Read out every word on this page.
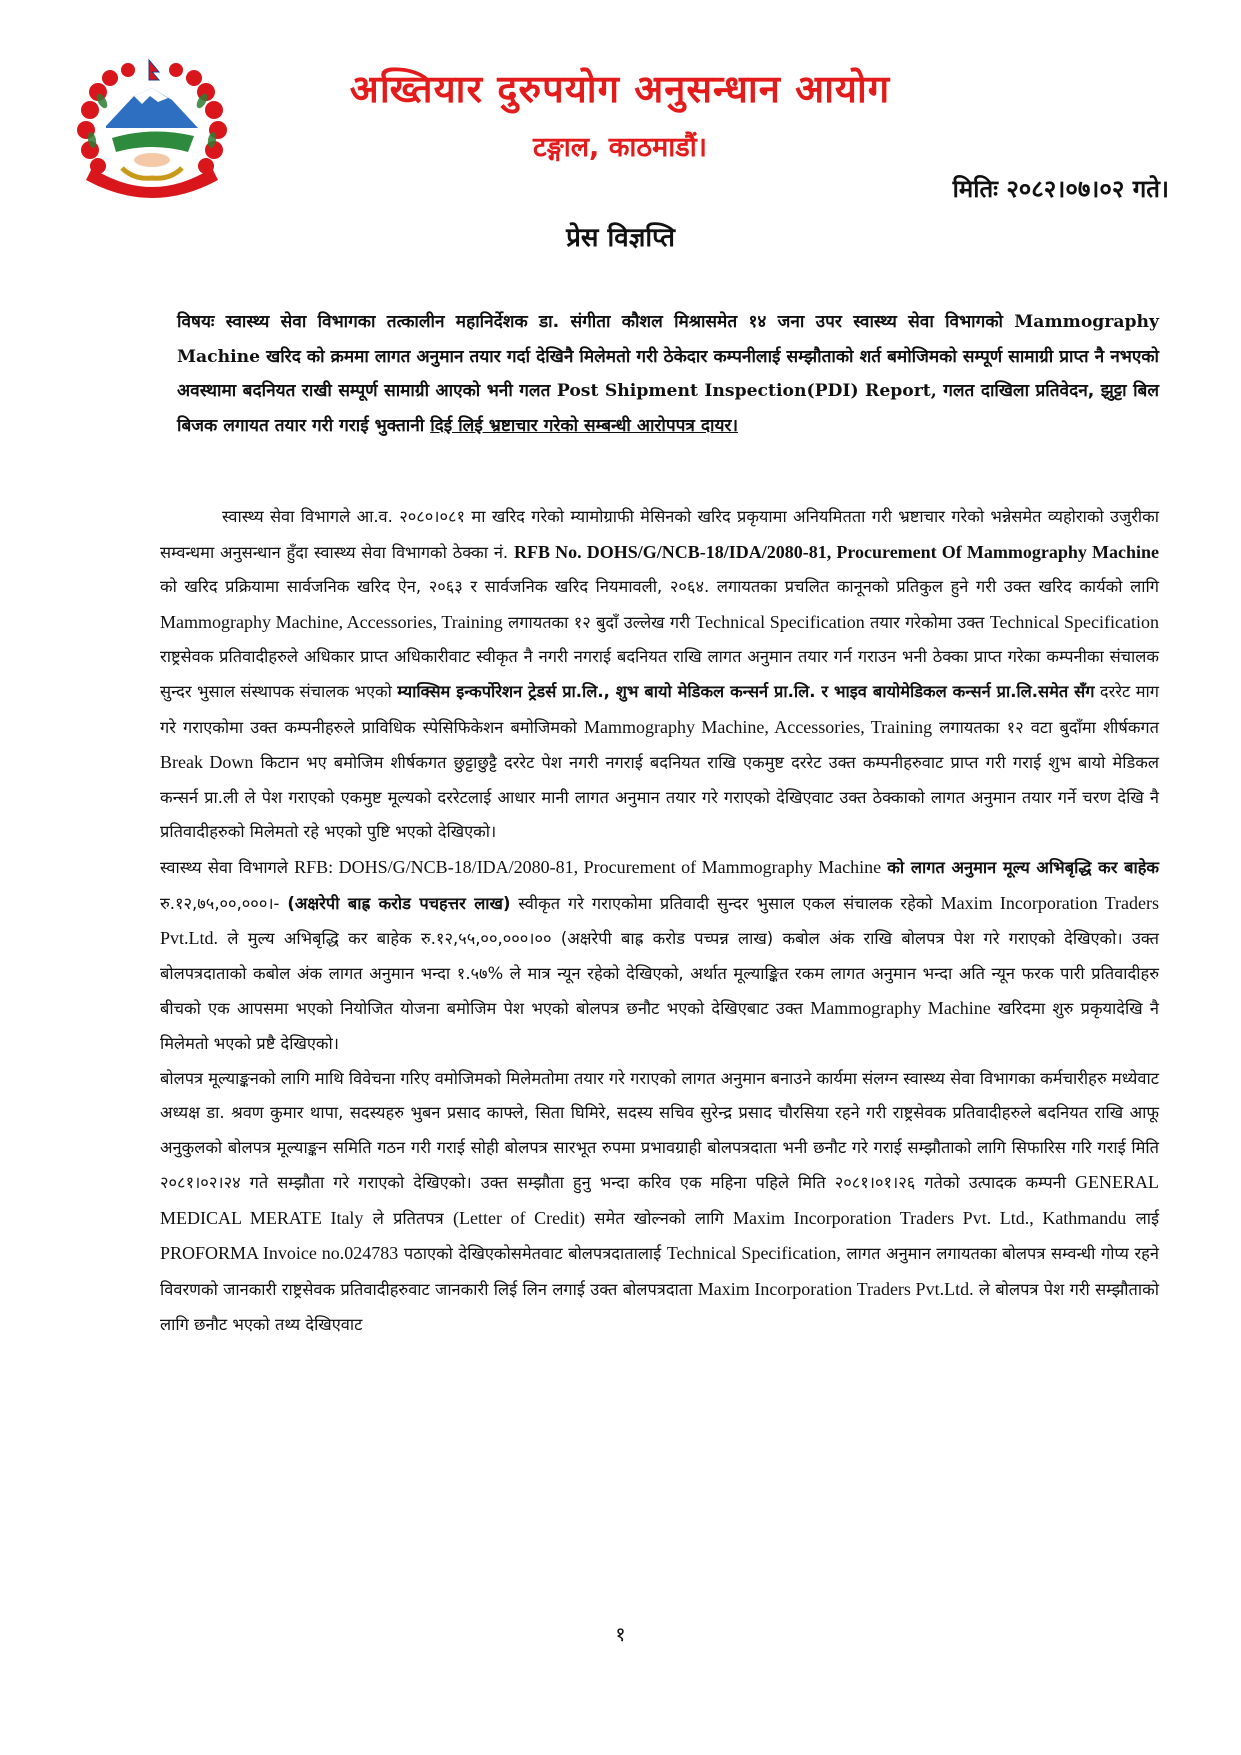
अख्तियार दुरुपयोग अनुसन्धान आयोग
टङ्गाल, काठमाडौं।
मितिः २०८२।०७।०२ गते।
प्रेस विज्ञप्ति
विषयः स्वास्थ्य सेवा विभागका तत्कालीन महानिर्देशक डा. संगीता कौशल मिश्रासमेत १४ जना उपर स्वास्थ्य सेवा विभागको Mammography Machine खरिद को क्रममा लागत अनुमान तयार गर्दा देखिनै मिलेमतो गरी ठेकेदार कम्पनीलाई सम्झौताको शर्त बमोजिमको सम्पूर्ण सामाग्री प्राप्त नै नभएको अवस्थामा बदनियत राखी सम्पूर्ण सामाग्री आएको भनी गलत Post Shipment Inspection(PDI) Report, गलत दाखिला प्रतिवेदन, झुट्टा बिल बिजक लगायत तयार गरी गराई भुक्तानी दिई लिई भ्रष्टाचार गरेको सम्बन्धी आरोपपत्र दायर।

स्वास्थ्य सेवा विभागले आ.व. २०८०।०८१ मा खरिद गरेको म्यामोग्राफी मेसिनको खरिद प्रकृयामा अनियमितता गरी भ्रष्टाचार गरेको भन्नेसमेत व्यहोराको उजुरीका सम्वन्धमा अनुसन्धान हुँदा स्वास्थ्य सेवा विभागको ठेक्का नं. RFB No. DOHS/G/NCB-18/IDA/2080-81, Procurement Of Mammography Machine को खरिद प्रक्रियामा सार्वजनिक खरिद ऐन, २०६३ र सार्वजनिक खरिद नियमावली, २०६४. लगायतका प्रचलित कानूनको प्रतिकुल हुने गरी उक्त खरिद कार्यको लागि Mammography Machine, Accessories, Training लगायतका १२ बुदाँ उल्लेख गरी Technical Specification तयार गरेकोमा उक्त Technical Specification राष्ट्रसेवक प्रतिवादीहरुले अधिकार प्राप्त अधिकारीवाट स्वीकृत नै नगरी नगराई बदनियत राखि लागत अनुमान तयार गर्न गराउन भनी ठेक्का प्राप्त गरेका कम्पनीका संचालक सुन्दर भुसाल संस्थापक संचालक भएको म्याक्सिम इन्कर्पोरेशन ट्रेडर्स प्रा.लि., शुभ बायो मेडिकल कन्सर्न प्रा.लि. र भाइव बायोमेडिकल कन्सर्न प्रा.लि.समेत सँग दररेट माग गरे गराएकोमा उक्त कम्पनीहरुले प्राविधिक स्पेसिफिकेशन बमोजिमको Mammography Machine, Accessories, Training लगायतका १२ वटा बुदाँमा शीर्षकगत Break Down किटान भए बमोजिम शीर्षकगत छुट्टाछुट्टै दररेट पेश नगरी नगराई बदनियत राखि एकमुष्ट दररेट उक्त कम्पनीहरुवाट प्राप्त गरी गराई शुभ बायो मेडिकल कन्सर्न प्रा.ली ले पेश गराएको एकमुष्ट मूल्यको दररेटलाई आधार मानी लागत अनुमान तयार गरे गराएको देखिएवाट उक्त ठेक्काको लागत अनुमान तयार गर्ने चरण देखि नै प्रतिवादीहरुको मिलेमतो रहे भएको पुष्टि भएको देखिएको।

स्वास्थ्य सेवा विभागले RFB: DOHS/G/NCB-18/IDA/2080-81, Procurement of Mammography Machine को लागत अनुमान मूल्य अभिबृद्धि कर बाहेक रु.१२,७५,००,०००।- (अक्षरेपी बाह्र करोड पचहत्तर लाख) स्वीकृत गरे गराएकोमा प्रतिवादी सुन्दर भुसाल एकल संचालक रहेको Maxim Incorporation Traders Pvt.Ltd. ले मुल्य अभिबृद्धि कर बाहेक रु.१२,५५,००,०००।०० (अक्षरेपी बाह्र करोड पच्पन्न लाख) कबोल अंक राखि बोलपत्र पेश गरे गराएको देखिएको। उक्त बोलपत्रदाताको कबोल अंक लागत अनुमान भन्दा १.५७% ले मात्र न्यून रहेको देखिएको, अर्थात मूल्याङ्कित रकम लागत अनुमान भन्दा अति न्यून फरक पारी प्रतिवादीहरु बीचको एक आपसमा भएको नियोजित योजना बमोजिम पेश भएको बोलपत्र छनौट भएको देखिएबाट उक्त Mammography Machine खरिदमा शुरु प्रकृयादेखि नै मिलेमतो भएको प्रष्टै देखिएको।

बोलपत्र मूल्याङ्कनको लागि माथि विवेचना गरिए वमोजिमको मिलेमतोमा तयार गरे गराएको लागत अनुमान बनाउने कार्यमा संलग्न स्वास्थ्य सेवा विभागका कर्मचारीहरु मध्येवाट अध्यक्ष डा. श्रवण कुमार थापा, सदस्यहरु भुबन प्रसाद काफ्ले, सिता घिमिरे, सदस्य सचिव सुरेन्द्र प्रसाद चौरसिया रहने गरी राष्ट्रसेवक प्रतिवादीहरुले बदनियत राखि आफू अनुकुलको बोलपत्र मूल्याङ्कन समिति गठन गरी गराई सोही बोलपत्र सारभूत रुपमा प्रभावग्राही बोलपत्रदाता भनी छनौट गरे गराई सम्झौताको लागि सिफारिस गरि गराई मिति २०८१।०२।२४ गते सम्झौता गरे गराएको देखिएको। उक्त सम्झौता हुनु भन्दा करिव एक महिना पहिले मिति २०८१।०१।२६ गतेको उत्पादक कम्पनी GENERAL MEDICAL MERATE Italy ले प्रतितपत्र (Letter of Credit) समेत खोल्नको लागि Maxim Incorporation Traders Pvt. Ltd., Kathmandu लाई PROFORMA Invoice no.024783 पठाएको देखिएकोसमेतवाट बोलपत्रदातालाई Technical Specification, लागत अनुमान लगायतका बोलपत्र सम्वन्धी गोप्य रहने विवरणको जानकारी राष्ट्रसेवक प्रतिवादीहरुवाट जानकारी लिई लिन लगाई उक्त बोलपत्रदाता Maxim Incorporation Traders Pvt.Ltd. ले बोलपत्र पेश गरी सम्झौताको लागि छनौट भएको तथ्य देखिएवाट

१
